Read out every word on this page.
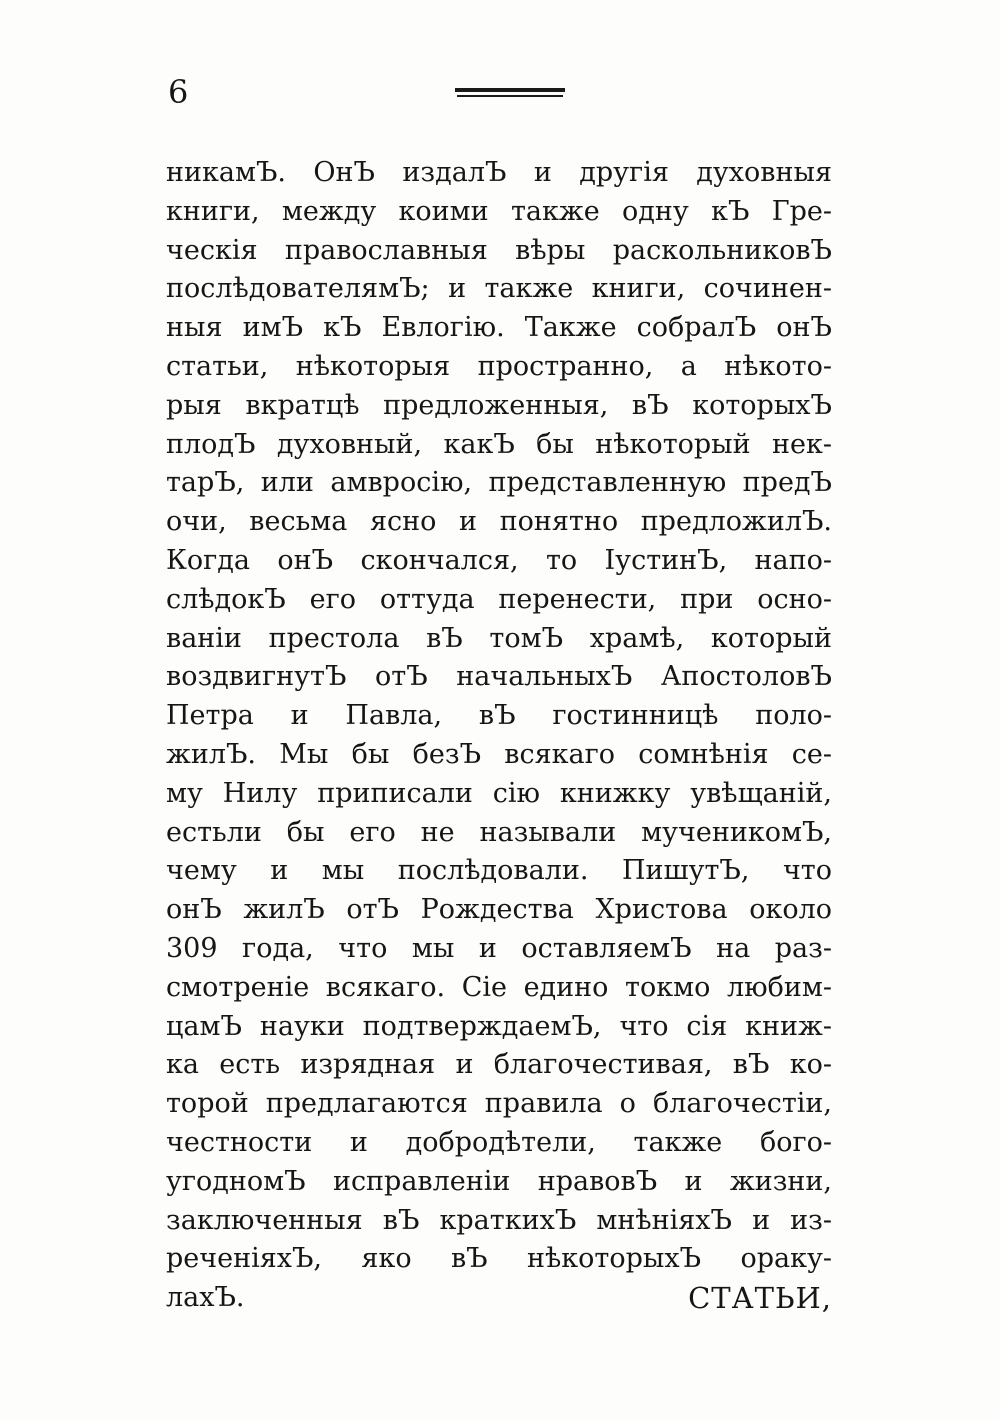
6
никамЪ. ОнЪ издалЪ и другія духовныя
книги, между коими также одну кЪ Гре-
ческія православныя вѣры раскольниковЪ
послѣдователямЪ; и также книги, сочинен-
ныя имЪ кЪ Евлогію. Также собралЪ онЪ
статьи, нѣкоторыя пространно, а нѣкото-
рыя вкратцѣ предложенныя, вЪ которыхЪ
плодЪ духовный, какЪ бы нѣкоторый нек-
тарЪ, или амвросію, представленную предЪ
очи, весьма ясно и понятно предложилЪ.
Когда онЪ скончался, то ІустинЪ, напо-
слѣдокЪ его оттуда перенести, при осно-
ваніи престола вЪ томЪ храмѣ, который
воздвигнутЪ отЪ начальныхЪ АпостоловЪ
Петра и Павла, вЪ гостинницѣ поло-
жилЪ. Мы бы безЪ всякаго сомнѣнія се-
му Нилу приписали сію книжку увѣщаній,
естьли бы его не называли мученикомЪ,
чему и мы послѣдовали. ПишутЪ, что
онЪ жилЪ отЪ Рождества Христова около
309 года, что мы и оставляемЪ на раз-
смотреніе всякаго. Сіе едино токмо любим-
цамЪ науки подтверждаемЪ, что сія книж-
ка есть изрядная и благочестивая, вЪ ко-
торой предлагаются правила о благочестіи,
честности и добродѣтели, также бого-
угодномЪ исправленіи нравовЪ и жизни,
заключенныя вЪ краткихЪ мнѣніяхЪ и из-
реченіяхЪ, яко вЪ нѣкоторыхЪ ораку-
лахЪ.	СТАТЬИ,
